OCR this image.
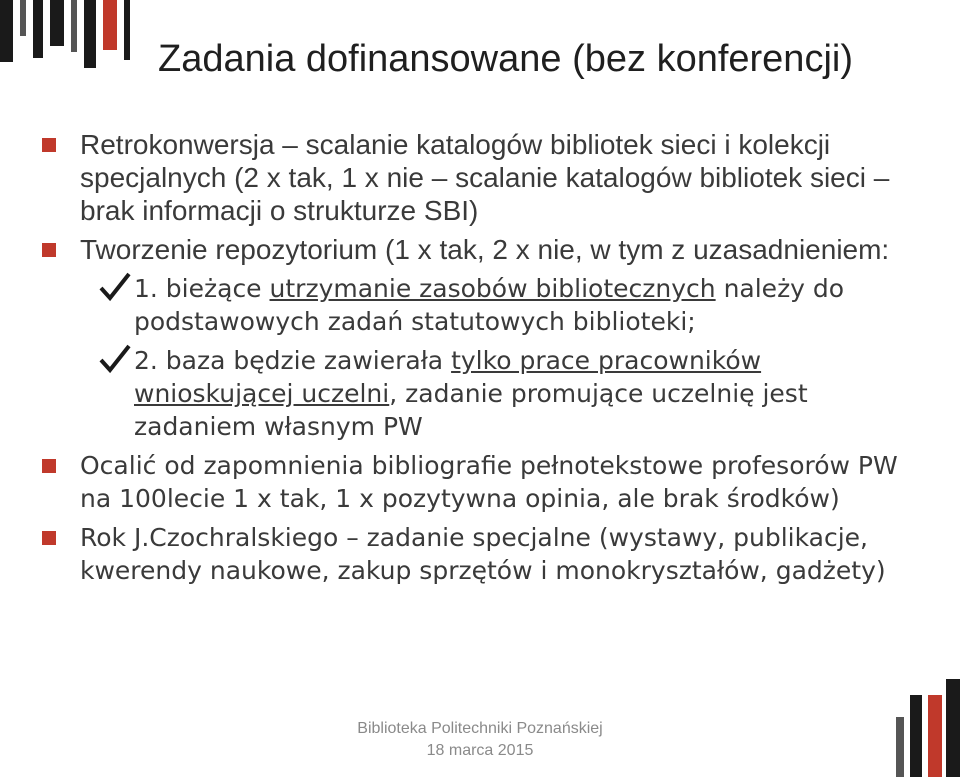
Zadania dofinansowane (bez konferencji)
Retrokonwersja – scalanie katalogów bibliotek sieci i kolekcji specjalnych (2 x tak, 1 x nie – scalanie katalogów bibliotek sieci – brak informacji o strukturze SBI)
Tworzenie repozytorium (1 x tak, 2 x nie, w tym z uzasadnieniem:
1. bieżące utrzymanie zasobów bibliotecznych należy do podstawowych zadań statutowych biblioteki;
2. baza będzie zawierała tylko prace pracowników wnioskującej uczelni, zadanie promujące uczelnię jest zadaniem własnym PW
Ocalić od zapomnienia bibliografie pełnotekstowe profesorów PW na 100lecie 1 x tak, 1 x pozytywna opinia, ale brak środków)
Rok J.Czochralskiego – zadanie specjalne (wystawy, publikacje, kwerendy naukowe, zakup sprzętów i monokryształów, gadżety)
Biblioteka Politechniki Poznańskiej
18 marca 2015
